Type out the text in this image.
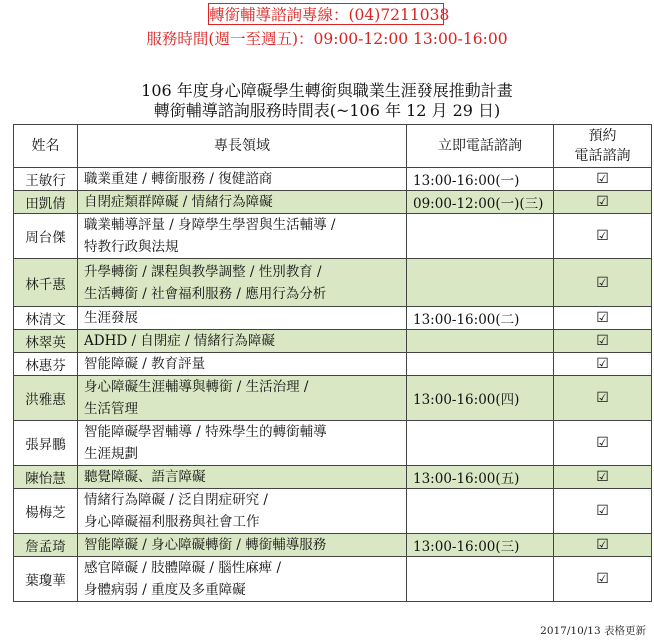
轉銜輔導諮詢專線：(04)7211038
服務時間(週一至週五)：09:00-12:00 13:00-16:00
106 年度身心障礙學生轉銜與職業生涯發展推動計畫
轉銜輔導諮詢服務時間表(~106 年 12 月 29 日)
姓名	專長領域	立即電話諮詢	預約
電話諮詢
王敏行	職業重建 / 轉銜服務 / 復健諮商	13:00-16:00(一)	☑
田凱倩	自閉症類群障礙 / 情緒行為障礙	09:00-12:00(一)(三)	☑
周台傑	職業輔導評量 / 身障學生學習與生活輔導 /
特教行政與法規		☑
林千惠	升學轉銜 / 課程與教學調整 / 性別教育 /
生活轉銜 / 社會福利服務 / 應用行為分析		☑
林清文	生涯發展	13:00-16:00(二)	☑
林翠英	ADHD / 自閉症 / 情緒行為障礙		☑
林惠芬	智能障礙 / 教育評量		☑
洪雅惠	身心障礙生涯輔導與轉銜 / 生活治理 /
生活管理	13:00-16:00(四)	☑
張昇鵬	智能障礙學習輔導 / 特殊學生的轉銜輔導
生涯規劃		☑
陳怡慧	聽覺障礙、語言障礙	13:00-16:00(五)	☑
楊梅芝	情緒行為障礙 / 泛自閉症研究 /
身心障礙福利服務與社會工作		☑
詹孟琦	智能障礙 / 身心障礙轉銜 / 轉銜輔導服務	13:00-16:00(三)	☑
葉瓊華	感官障礙 / 肢體障礙 / 腦性麻痺 /
身體病弱 / 重度及多重障礙		☑
2017/10/13 表格更新
